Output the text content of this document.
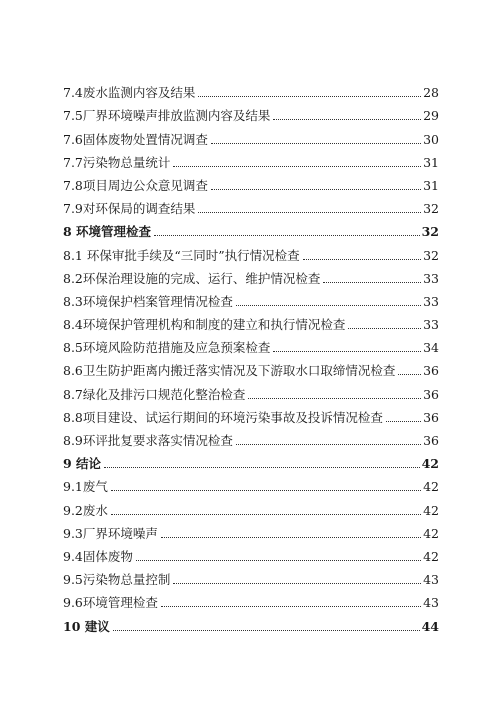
7.4废水监测内容及结果	28
7.5厂界环境噪声排放监测内容及结果	29
7.6固体废物处置情况调查	30
7.7污染物总量统计	31
7.8项目周边公众意见调查	31
7.9对环保局的调查结果	32
8 环境管理检查	32
8.1 环保审批手续及“三同时”执行情况检查	32
8.2环保治理设施的完成、运行、维护情况检查	33
8.3环境保护档案管理情况检查	33
8.4环境保护管理机构和制度的建立和执行情况检查	33
8.5环境风险防范措施及应急预案检查	34
8.6卫生防护距离内搬迁落实情况及下游取水口取缔情况检查 36
8.7绿化及排污口规范化整治检查	36
8.8项目建设、试运行期间的环境污染事故及投诉情况检查	36
8.9环评批复要求落实情况检查	36
9 结论	42
9.1废气	42
9.2废水	42
9.3厂界环境噪声	42
9.4固体废物	42
9.5污染物总量控制	43
9.6环境管理检查	43
10 建议	44
